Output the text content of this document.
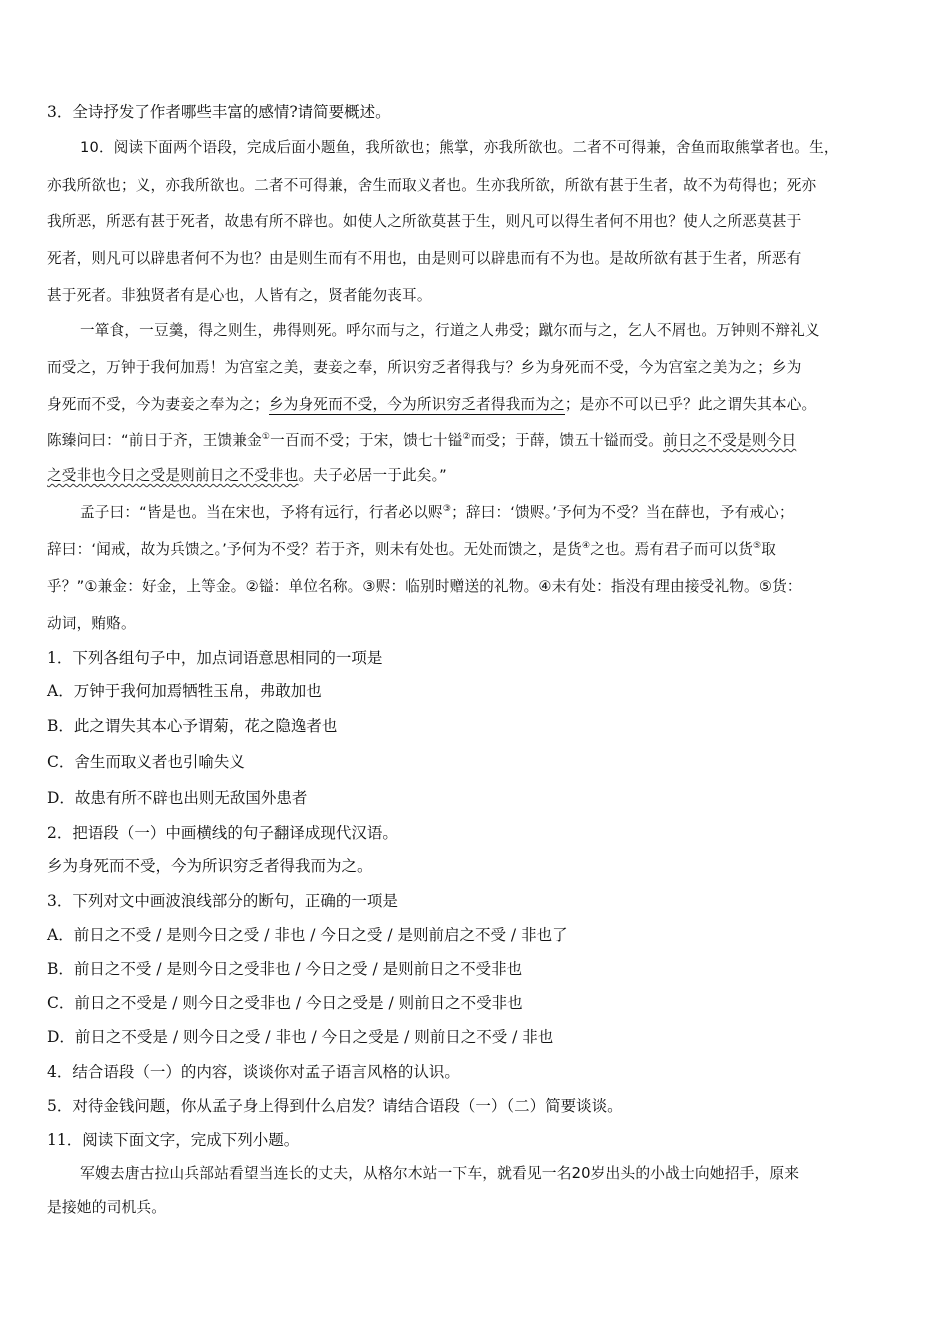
3．全诗抒发了作者哪些丰富的感情?请简要概述。
10．阅读下面两个语段，完成后面小题鱼，我所欲也；熊掌，亦我所欲也。二者不可得兼，舍鱼而取熊掌者也。生，
亦我所欲也；义，亦我所欲也。二者不可得兼，舍生而取义者也。生亦我所欲，所欲有甚于生者，故不为苟得也；死亦
我所恶，所恶有甚于死者，故患有所不辟也。如使人之所欲莫甚于生，则凡可以得生者何不用也？使人之所恶莫甚于
死者，则凡可以辟患者何不为也？由是则生而有不用也，由是则可以辟患而有不为也。是故所欲有甚于生者，所恶有
甚于死者。非独贤者有是心也，人皆有之，贤者能勿丧耳。
一箪食，一豆羹，得之则生，弗得则死。呼尔而与之，行道之人弗受；蹴尔而与之，乞人不屑也。万钟则不辩礼义
而受之，万钟于我何加焉！为宫室之美，妻妾之奉，所识穷乏者得我与？乡为身死而不受，今为宫室之美为之；乡为
身死而不受，今为妻妾之奉为之；乡为身死而不受，今为所识穷乏者得我而为之；是亦不可以已乎？此之谓失其本心。
陈臻问曰：“前日于齐，王馈兼金①一百而不受；于宋，馈七十镒②而受；于薛，馈五十镒而受。前日之不受是则今日
之受非也今日之受是则前日之不受非也。夫子必居一于此矣。”
孟子曰：“皆是也。当在宋也，予将有远行，行者必以赆③；辞曰：‘馈赆。’予何为不受？当在薛也，予有戒心；
辞曰：‘闻戒，故为兵馈之。’予何为不受？若于齐，则未有处也。无处而馈之，是货④之也。焉有君子而可以货⑤取
乎？”①兼金：好金，上等金。②镒：单位名称。③赆：临别时赠送的礼物。④未有处：指没有理由接受礼物。⑤货：
动词，贿赂。
1．下列各组句子中，加点词语意思相同的一项是
A．万钟于我何加焉牺牲玉帛，弗敢加也
B．此之谓失其本心予谓菊，花之隐逸者也
C．舍生而取义者也引喻失义
D．故患有所不辟也出则无敌国外患者
2．把语段（一）中画横线的句子翻译成现代汉语。
乡为身死而不受，今为所识穷乏者得我而为之。
3．下列对文中画波浪线部分的断句，正确的一项是
A．前日之不受 / 是则今日之受 / 非也 / 今日之受 / 是则前启之不受 / 非也了
B．前日之不受 / 是则今日之受非也 / 今日之受 / 是则前日之不受非也
C．前日之不受是 / 则今日之受非也 / 今日之受是 / 则前日之不受非也
D．前日之不受是 / 则今日之受 / 非也 / 今日之受是 / 则前日之不受 / 非也
4．结合语段（一）的内容，谈谈你对孟子语言风格的认识。
5．对待金钱问题，你从孟子身上得到什么启发？请结合语段（一）（二）简要谈谈。
11．阅读下面文字，完成下列小题。
军嫂去唐古拉山兵部站看望当连长的丈夫，从格尔木站一下车，就看见一名20岁出头的小战士向她招手，原来
是接她的司机兵。
